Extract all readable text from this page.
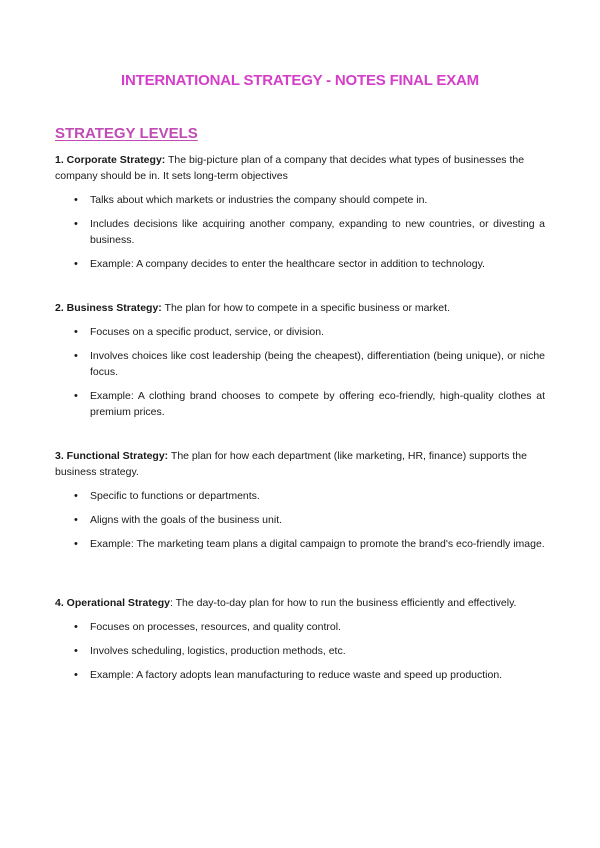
INTERNATIONAL STRATEGY - NOTES FINAL EXAM
STRATEGY LEVELS

1. Corporate Strategy: The big-picture plan of a company that decides what types of businesses the company should be in. It sets long-term objectives

• Talks about which markets or industries the company should compete in.
• Includes decisions like acquiring another company, expanding to new countries, or divesting a business.
• Example: A company decides to enter the healthcare sector in addition to technology.

2. Business Strategy: The plan for how to compete in a specific business or market.

• Focuses on a specific product, service, or division.
• Involves choices like cost leadership (being the cheapest), differentiation (being unique), or niche focus.
• Example: A clothing brand chooses to compete by offering eco-friendly, high-quality clothes at premium prices.

3. Functional Strategy: The plan for how each department (like marketing, HR, finance) supports the business strategy.

• Specific to functions or departments.
• Aligns with the goals of the business unit.
• Example: The marketing team plans a digital campaign to promote the brand's eco-friendly image.

4. Operational Strategy: The day-to-day plan for how to run the business efficiently and effectively.

• Focuses on processes, resources, and quality control.
• Involves scheduling, logistics, production methods, etc.
• Example: A factory adopts lean manufacturing to reduce waste and speed up production.
